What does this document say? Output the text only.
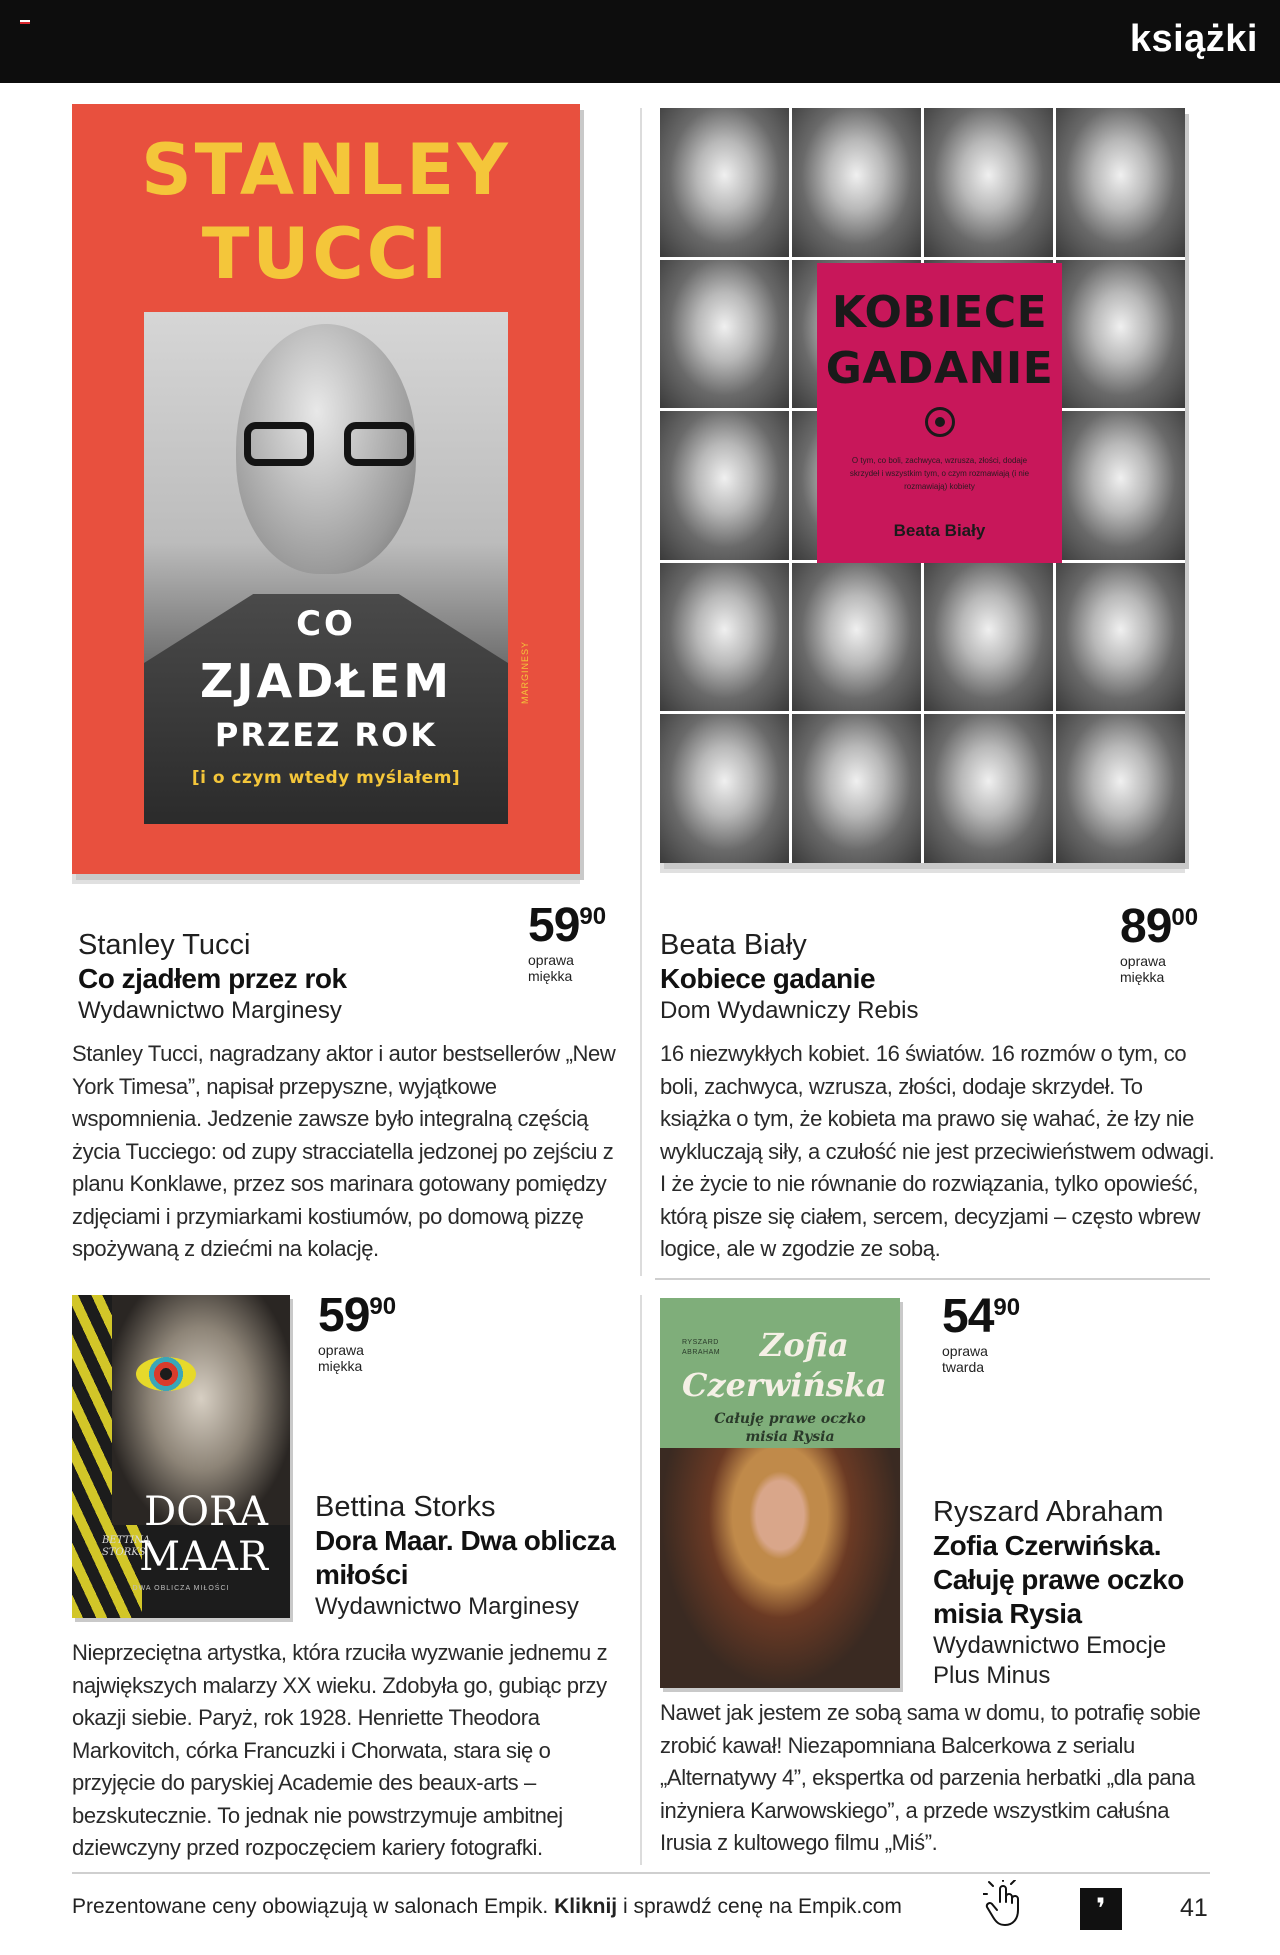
książki
STANLEY TUCCI
CO
ZJADŁEM
PRZEZ ROK
[i o czym wtedy myślałem]
MARGINESY
5990
oprawa miękka
Stanley Tucci
Co zjadłem przez rok
Wydawnictwo Marginesy
Stanley Tucci, nagradzany aktor i autor bestsellerów „New York Timesa”, napisał przepyszne, wyjątkowe wspomnienia. Jedzenie zawsze było integralną częścią życia Tucciego: od zupy stracciatella jedzonej po zejściu z planu Konklawe, przez sos marinara gotowany pomiędzy zdjęciami i przymiarkami kostiumów, po domową pizzę spożywaną z dziećmi na kolację.
KOBIECE GADANIE
O tym, co boli, zachwyca, wzrusza, złości, dodaje skrzydeł i wszystkim tym, o czym rozmawiają (i nie rozmawiają) kobiety
Beata Biały
8900
oprawa miękka
Beata Biały
Kobiece gadanie
Dom Wydawniczy Rebis
16 niezwykłych kobiet. 16 światów. 16 rozmów o tym, co boli, zachwyca, wzrusza, złości, dodaje skrzydeł. To książka o tym, że kobieta ma prawo się wahać, że łzy nie wykluczają siły, a czułość nie jest przeciwieństwem odwagi. I że życie to nie równanie do rozwiązania, tylko opowieść, którą pisze się ciałem, sercem, decyzjami – często wbrew logice, ale w zgodzie ze sobą.
DORA
MAAR
BETTINA STORKS
DWA OBLICZA MIŁOŚCI
5990
oprawa miękka
Bettina Storks
Dora Maar. Dwa oblicza miłości
Wydawnictwo Marginesy
Nieprzeciętna artystka, która rzuciła wyzwanie jednemu z największych malarzy XX wieku. Zdobyła go, gubiąc przy okazji siebie. Paryż, rok 1928. Henriette Theodora Markovitch, córka Francuzki i Chorwata, stara się o przyjęcie do paryskiej Academie des beaux-arts – bezskutecznie. To jednak nie powstrzymuje ambitnej dziewczyny przed rozpoczęciem kariery fotografki.
RYSZARD ABRAHAM	Zofia
Czerwińska
Całuję prawe oczko misia Rysia
5490
oprawa twarda
Ryszard Abraham
Zofia Czerwińska. Całuję prawe oczko misia Rysia
Wydawnictwo Emocje Plus Minus
Nawet jak jestem ze sobą sama w domu, to potrafię sobie zrobić kawał! Niezapomniana Balcerkowa z serialu „Alternatywy 4”, ekspertka od parzenia herbatki „dla pana inżyniera Karwowskiego”, a przede wszystkim całuśna Irusia z kultowego filmu „Miś”.
Prezentowane ceny obowiązują w salonach Empik. Kliknij i sprawdź cenę na Empik.com	❜	41
